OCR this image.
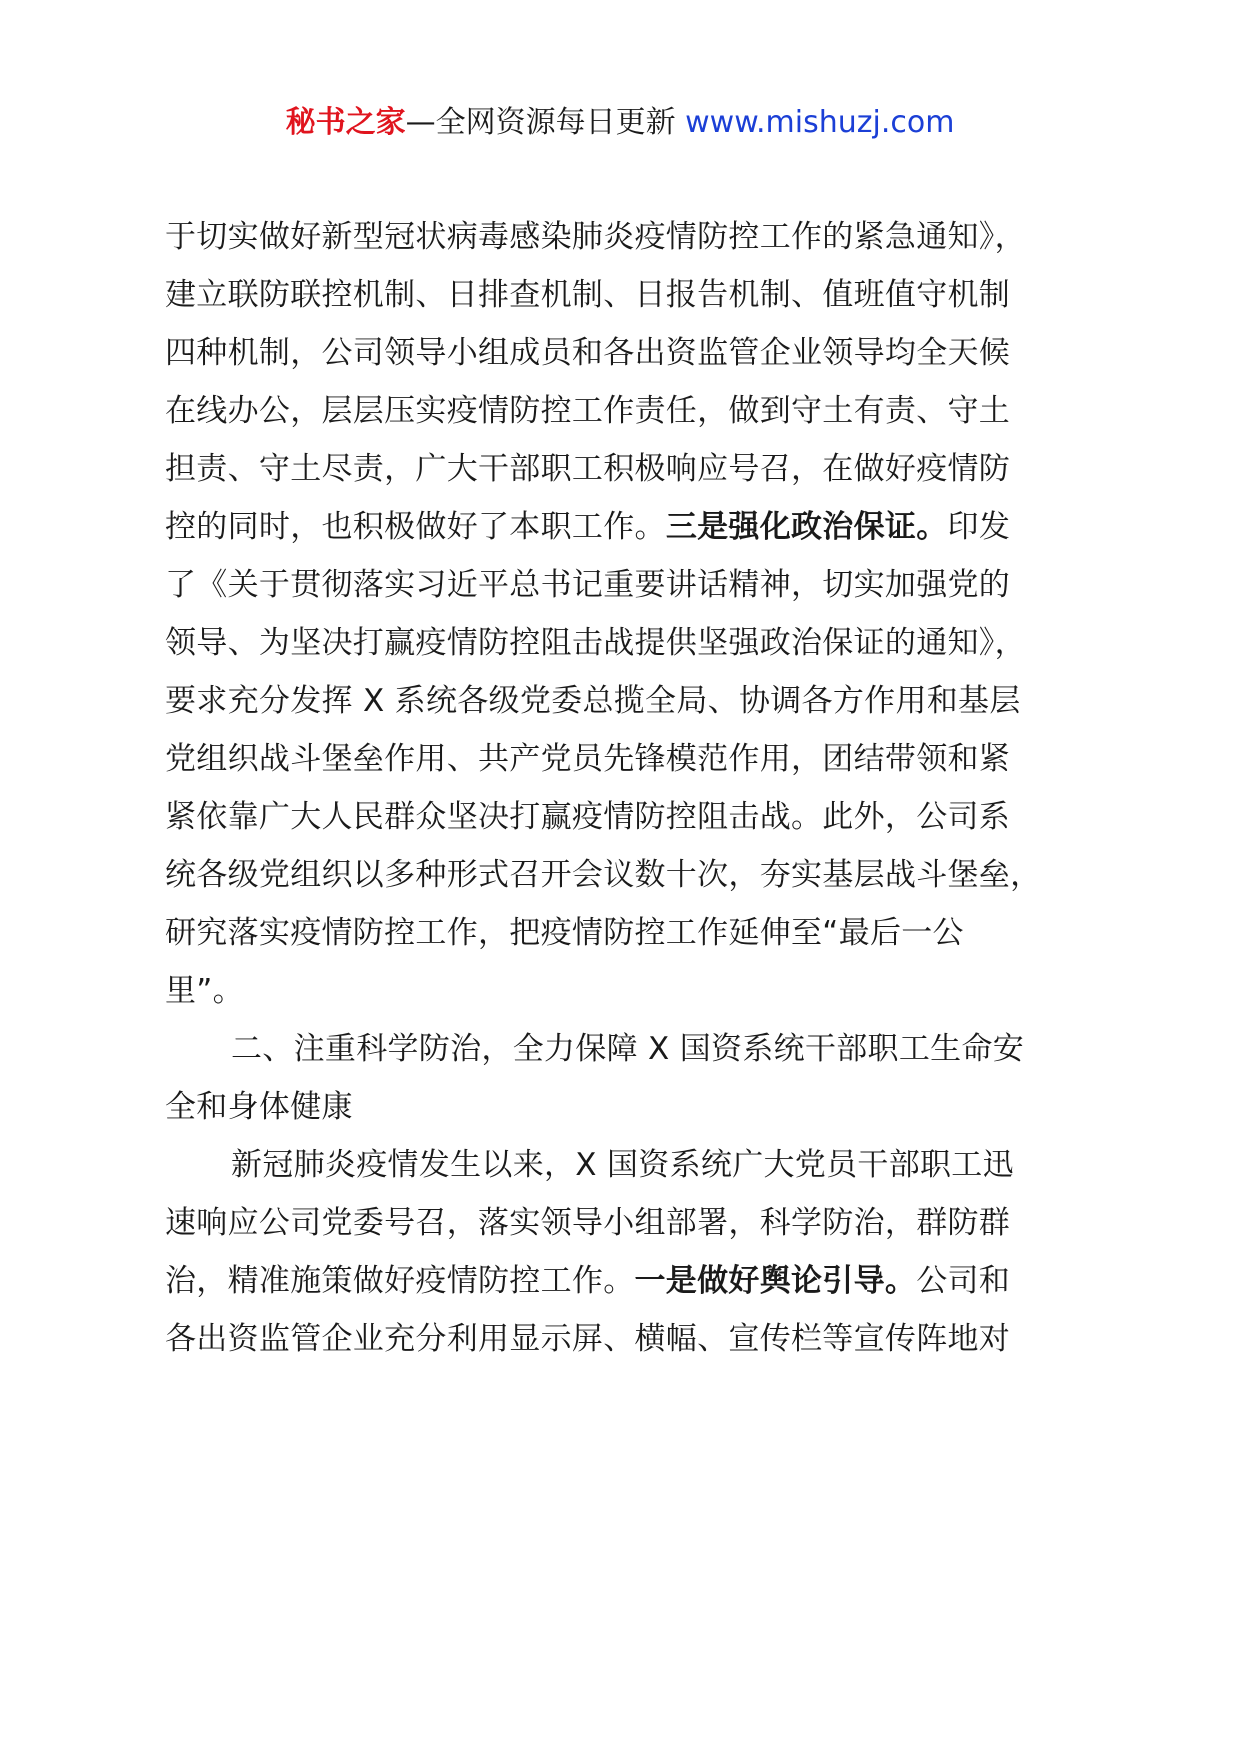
秘书之家—全网资源每日更新 www.mishuzj.com
于切实做好新型冠状病毒感染肺炎疫情防控工作的紧急通知》，
建立联防联控机制、日排查机制、日报告机制、值班值守机制
四种机制，公司领导小组成员和各出资监管企业领导均全天候
在线办公，层层压实疫情防控工作责任，做到守土有责、守土
担责、守土尽责，广大干部职工积极响应号召，在做好疫情防
控的同时，也积极做好了本职工作。三是强化政治保证。印发
了《关于贯彻落实习近平总书记重要讲话精神，切实加强党的
领导、为坚决打赢疫情防控阻击战提供坚强政治保证的通知》，
要求充分发挥 X 系统各级党委总揽全局、协调各方作用和基层
党组织战斗堡垒作用、共产党员先锋模范作用，团结带领和紧
紧依靠广大人民群众坚决打赢疫情防控阻击战。此外，公司系
统各级党组织以多种形式召开会议数十次，夯实基层战斗堡垒，
研究落实疫情防控工作，把疫情防控工作延伸至“最后一公
里”。
二、注重科学防治，全力保障 X 国资系统干部职工生命安
全和身体健康
新冠肺炎疫情发生以来，X 国资系统广大党员干部职工迅
速响应公司党委号召，落实领导小组部署，科学防治，群防群
治，精准施策做好疫情防控工作。一是做好舆论引导。公司和
各出资监管企业充分利用显示屏、横幅、宣传栏等宣传阵地对
